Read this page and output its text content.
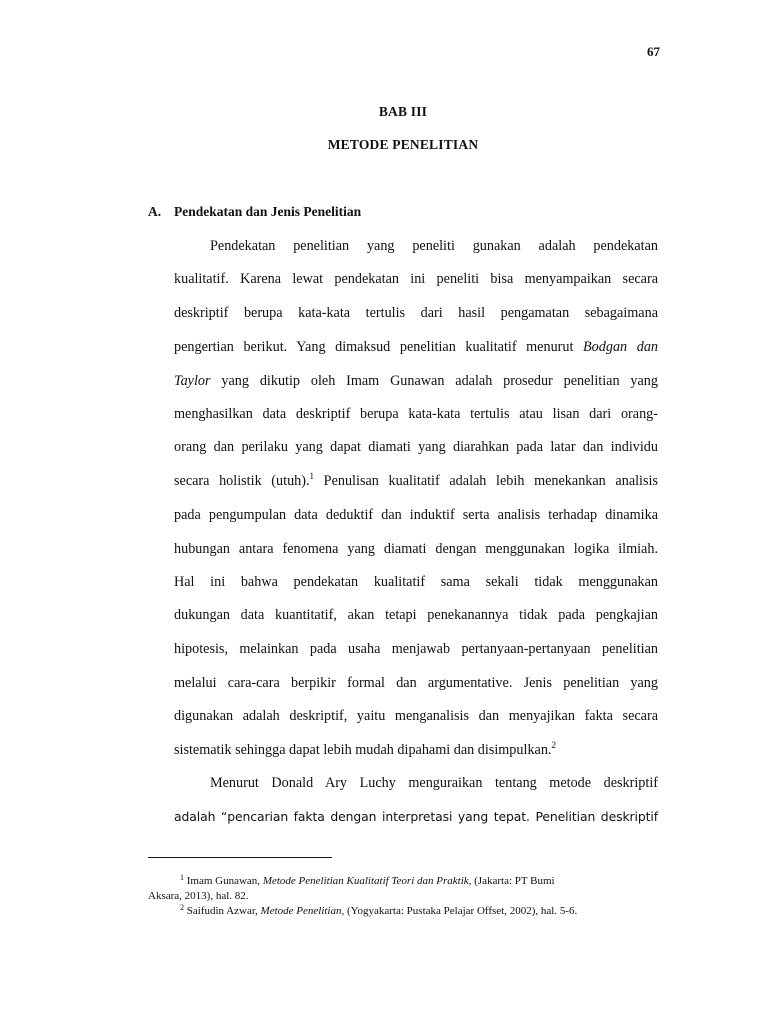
67
BAB III
METODE PENELITIAN
A. Pendekatan dan Jenis Penelitian
Pendekatan penelitian yang peneliti gunakan adalah pendekatan
kualitatif. Karena lewat pendekatan ini peneliti bisa menyampaikan secara
deskriptif berupa kata-kata tertulis dari hasil pengamatan sebagaimana
pengertian berikut. Yang dimaksud penelitian kualitatif menurut Bodgan dan
Taylor yang dikutip oleh Imam Gunawan adalah prosedur penelitian yang
menghasilkan data deskriptif berupa kata-kata tertulis atau lisan dari orang-
orang dan perilaku yang dapat diamati yang diarahkan pada latar dan individu
secara holistik (utuh).$^1$ Penulisan kualitatif adalah lebih menekankan analisis
pada pengumpulan data deduktif dan induktif serta analisis terhadap dinamika
hubungan antara fenomena yang diamati dengan menggunakan logika ilmiah.
Hal ini bahwa pendekatan kualitatif sama sekali tidak menggunakan
dukungan data kuantitatif, akan tetapi penekanannya tidak pada pengkajian
hipotesis, melainkan pada usaha menjawab pertanyaan-pertanyaan penelitian
melalui cara-cara berpikir formal dan argumentative. Jenis penelitian yang
digunakan adalah deskriptif, yaitu menganalisis dan menyajikan fakta secara
sistematik sehingga dapat lebih mudah dipahami dan disimpulkan.$^2$
Menurut Donald Ary Luchy menguraikan tentang metode deskriptif
adalah “pencarian fakta dengan interpretasi yang tepat. Penelitian deskriptif
$^1$ Imam Gunawan, Metode Penelitian Kualitatif Teori dan Praktik, (Jakarta: PT Bumi
Aksara, 2013), hal. 82.
$^2$ Saifudin Azwar, Metode Penelitian, (Yogyakarta: Pustaka Pelajar Offset, 2002), hal. 5-6.
